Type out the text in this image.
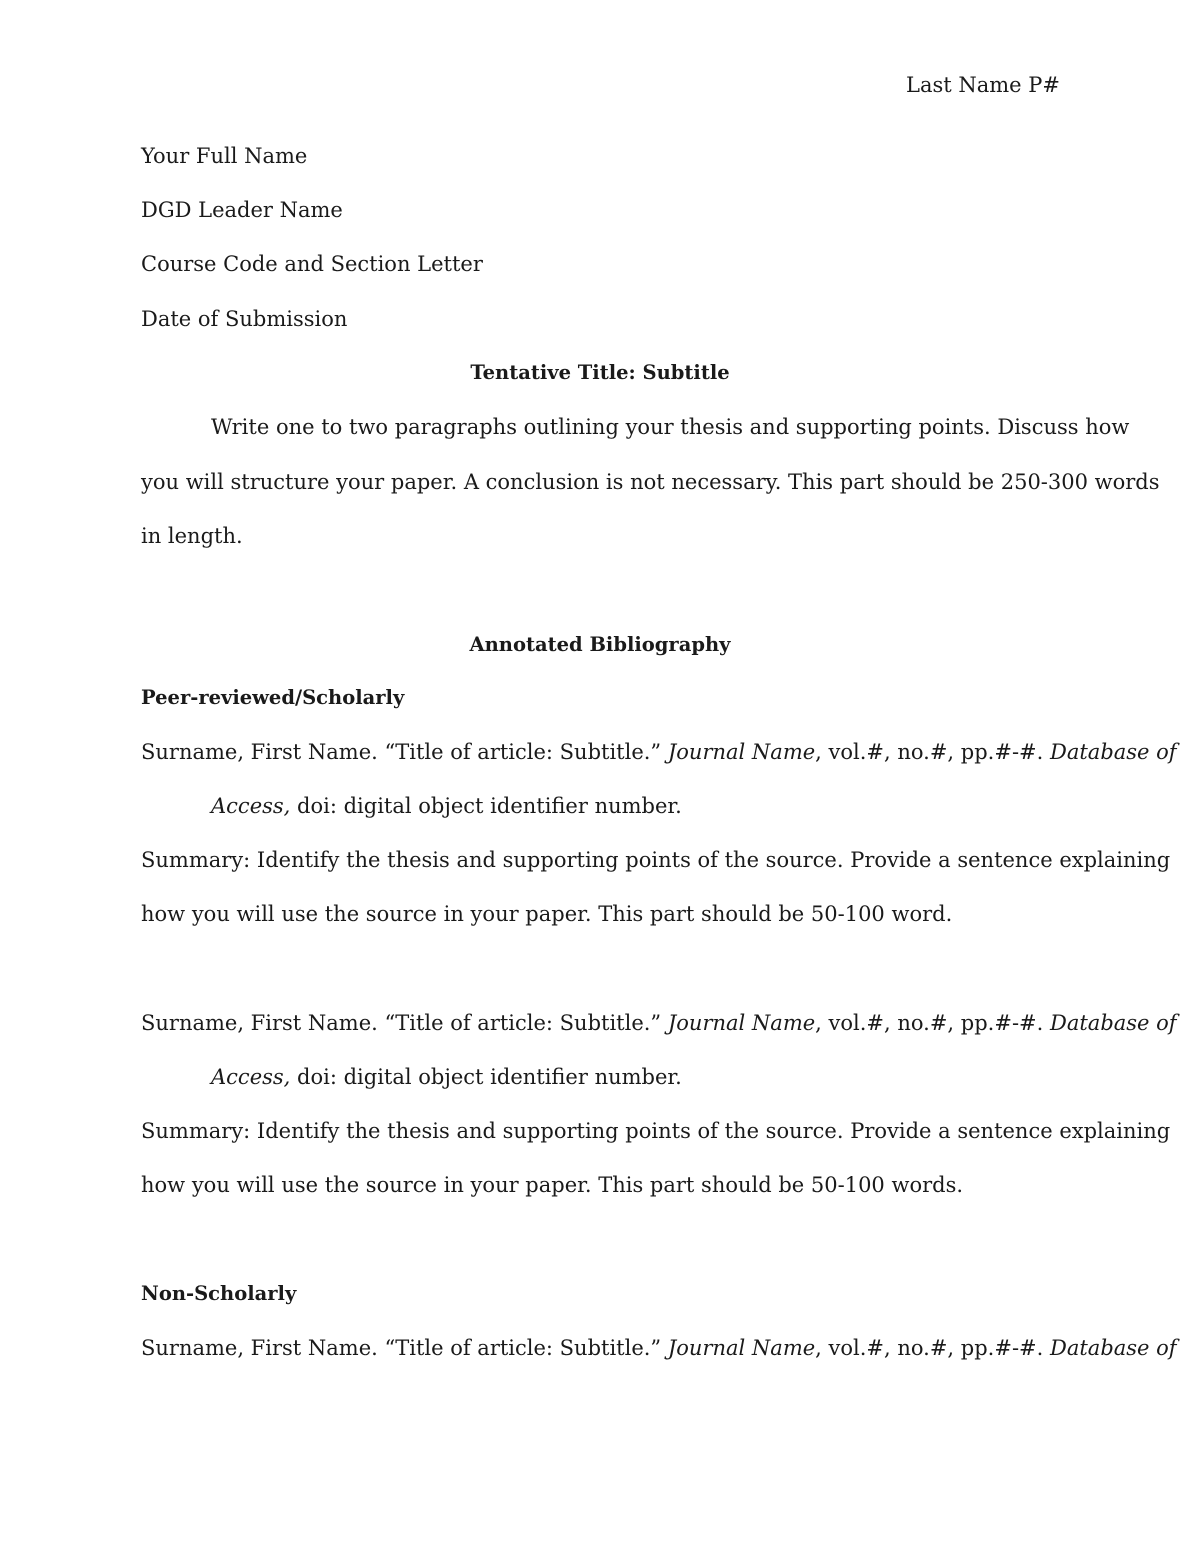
Last Name P#
Your Full Name
DGD Leader Name
Course Code and Section Letter
Date of Submission
Tentative Title: Subtitle
Write one to two paragraphs outlining your thesis and supporting points. Discuss how
you will structure your paper. A conclusion is not necessary. This part should be 250-300 words
in length.
Annotated Bibliography
Peer-reviewed/Scholarly
Surname, First Name. “Title of article: Subtitle.” Journal Name, vol.#, no.#, pp.#-#. Database of
Access, doi: digital object identifier number.
Summary: Identify the thesis and supporting points of the source. Provide a sentence explaining
how you will use the source in your paper. This part should be 50-100 word.
Surname, First Name. “Title of article: Subtitle.” Journal Name, vol.#, no.#, pp.#-#. Database of
Access, doi: digital object identifier number.
Summary: Identify the thesis and supporting points of the source. Provide a sentence explaining
how you will use the source in your paper. This part should be 50-100 words.
Non-Scholarly
Surname, First Name. “Title of article: Subtitle.” Journal Name, vol.#, no.#, pp.#-#. Database of
